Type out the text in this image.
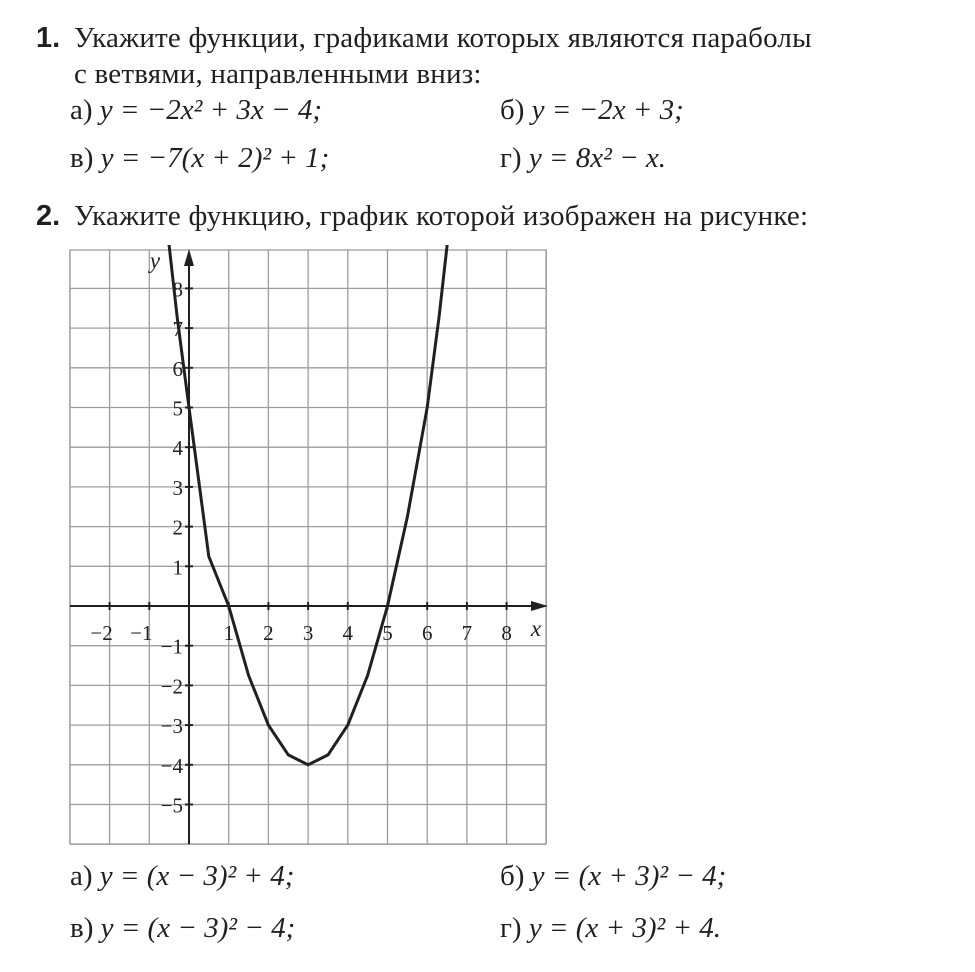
1. Укажите функции, графиками которых являются параболы
с ветвями, направленными вниз:
а) y = −2x² + 3x − 4;	б) y = −2x + 3;
в) y = −7(x + 2)² + 1;	г) y = 8x² − x.
2. Укажите функцию, график которой изображен на рисунке:
−2 −1	1 2 3 4 5 6 7 8
8
7
6
5
4
3
2
1
−1
−2
−3
−4
−5
x
y
а) y = (x − 3)² + 4;	б) y = (x + 3)² − 4;
в) y = (x − 3)² − 4;	г) y = (x + 3)² + 4.
